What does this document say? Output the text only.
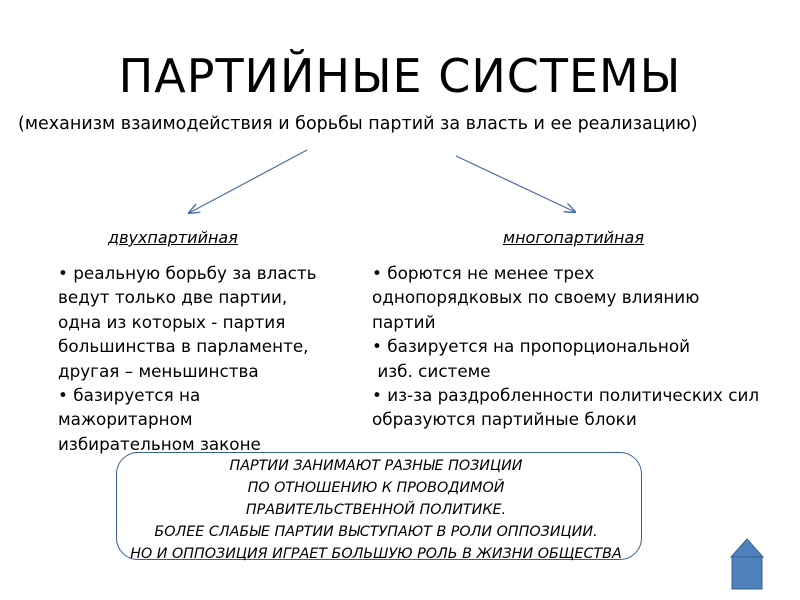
ПАРТИЙНЫЕ СИСТЕМЫ
(механизм взаимодействия и борьбы партий за власть и ее реализацию)
двухпартийная	многопартийная
• реальную борьбу за власть
ведут только две партии,
одна из которых - партия
большинства в парламенте,
другая – меньшинства
• базируется на
мажоритарном
избирательном законе
• борются не менее трех
однопорядковых по своему влиянию
партий
• базируется на пропорциональной
изб. системе
• из-за раздробленности политических сил
образуются партийные блоки
ПАРТИИ ЗАНИМАЮТ РАЗНЫЕ ПОЗИЦИИ
ПО ОТНОШЕНИЮ К ПРОВОДИМОЙ
ПРАВИТЕЛЬСТВЕННОЙ ПОЛИТИКЕ.
БОЛЕЕ СЛАБЫЕ ПАРТИИ ВЫСТУПАЮТ В РОЛИ ОППОЗИЦИИ.
НО И ОППОЗИЦИЯ ИГРАЕТ БОЛЬШУЮ РОЛЬ В ЖИЗНИ ОБЩЕСТВА
